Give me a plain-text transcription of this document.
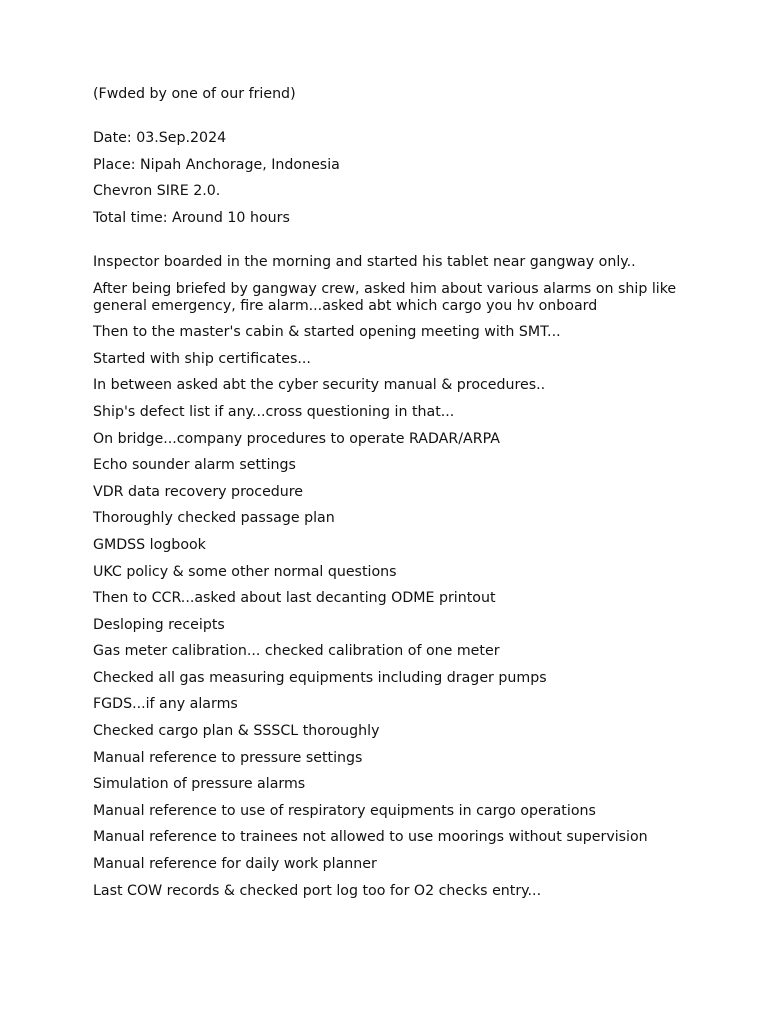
(Fwded by one of our friend)
Date: 03.Sep.2024
Place: Nipah Anchorage, Indonesia
Chevron SIRE 2.0.
Total time: Around 10 hours
Inspector boarded in the morning and started his tablet near gangway only..
After being briefed by gangway crew, asked him about various alarms on ship like general emergency, fire alarm...asked abt which cargo you hv onboard
Then to the master's cabin & started opening meeting with SMT...
Started with ship certificates...
In between asked abt the cyber security manual & procedures..
Ship's defect list if any...cross questioning in that...
On bridge...company procedures to operate RADAR/ARPA
Echo sounder alarm settings
VDR data recovery procedure
Thoroughly checked passage plan
GMDSS logbook
UKC policy & some other normal questions
Then to CCR...asked about last decanting ODME printout
Desloping receipts
Gas meter calibration... checked calibration of one meter
Checked all gas measuring equipments including drager pumps
FGDS...if any alarms
Checked cargo plan & SSSCL thoroughly
Manual reference to pressure settings
Simulation of pressure alarms
Manual reference to use of respiratory equipments in cargo operations
Manual reference to trainees not allowed to use moorings without supervision
Manual reference for daily work planner
Last COW records & checked port log too for O2 checks entry...
